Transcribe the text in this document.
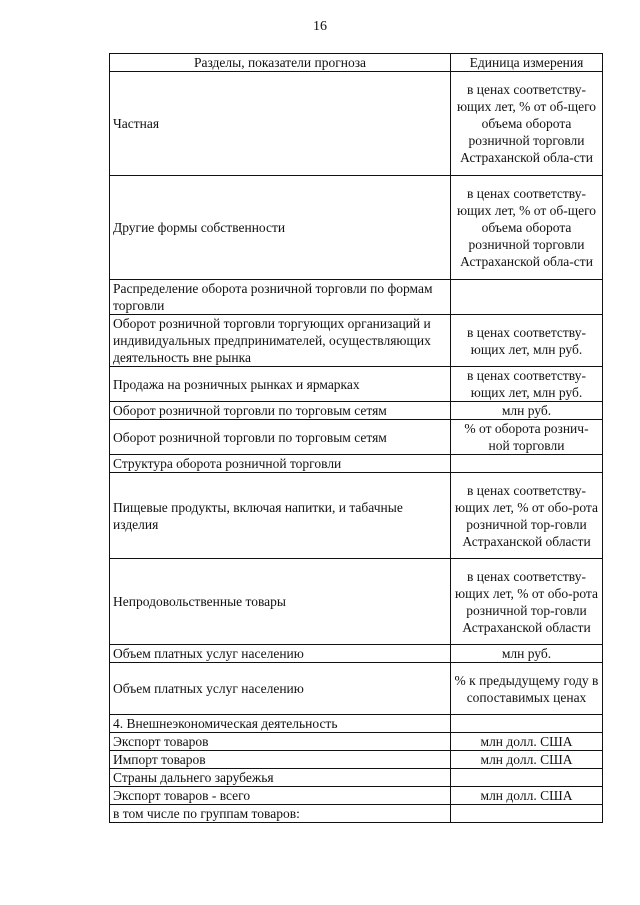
16
Разделы, показатели прогноза	Единица измерения
Частная	в ценах соответству-ющих лет, % от об-щего объема оборота розничной торговли Астраханской обла-сти
Другие формы собственности	в ценах соответству-ющих лет, % от об-щего объема оборота розничной торговли Астраханской обла-сти
Распределение оборота розничной торговли по формам торговли	
Оборот розничной торговли торгующих организаций и индивидуальных предпринимателей, осуществляющих деятельность вне рынка	в ценах соответству-ющих лет, млн руб.
Продажа на розничных рынках и ярмарках	в ценах соответству-ющих лет, млн руб.
Оборот розничной торговли по торговым сетям	млн руб.
Оборот розничной торговли по торговым сетям	% от оборота рознич-ной торговли
Структура оборота розничной торговли	
Пищевые продукты, включая напитки, и табачные изделия	в ценах соответству-ющих лет, % от обо-рота розничной тор-говли Астраханской области
Непродовольственные товары	в ценах соответству-ющих лет, % от обо-рота розничной тор-говли Астраханской области
Объем платных услуг населению	млн руб.
Объем платных услуг населению	% к предыдущему году в сопоставимых ценах
4. Внешнеэкономическая деятельность	
Экспорт товаров	млн долл. США
Импорт товаров	млн долл. США
Страны дальнего зарубежья	
Экспорт товаров - всего	млн долл. США
в том числе по группам товаров:	
